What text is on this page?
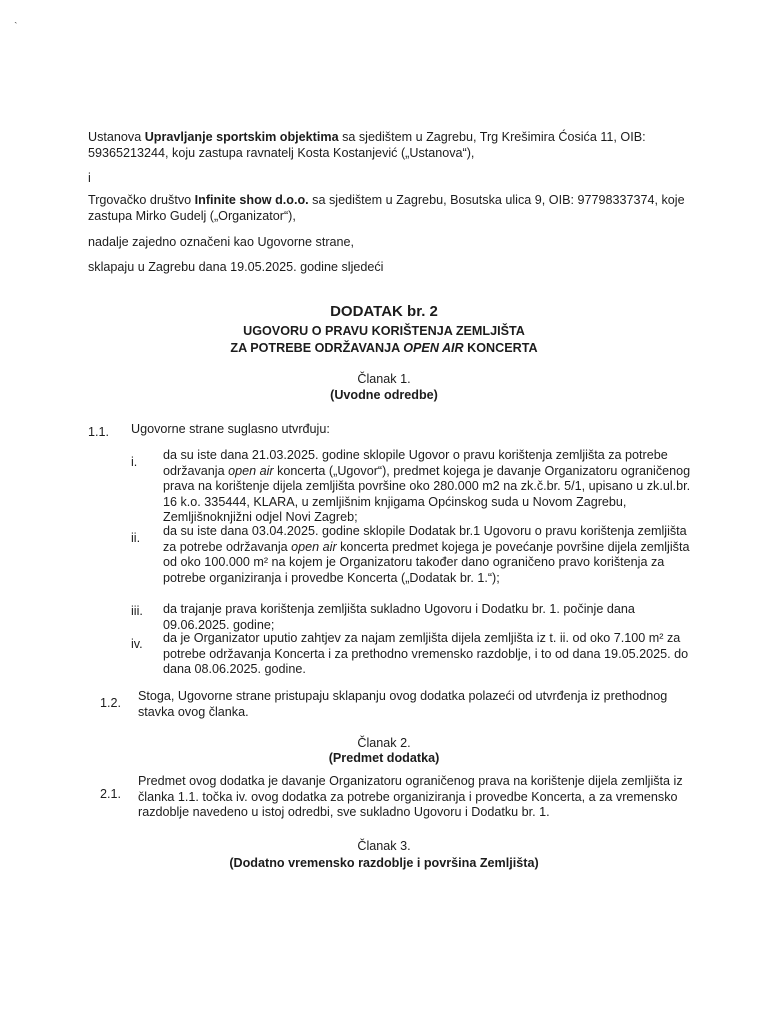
ˋ

Ustanova Upravljanje sportskim objektima sa sjedištem u Zagrebu, Trg Krešimira Ćosića 11, OIB: 59365213244, koju zastupa ravnatelj Kosta Kostanjević („Ustanova“),

i

Trgovačko društvo Infinite show d.o.o. sa sjedištem u Zagrebu, Bosutska ulica 9, OIB: 97798337374, koje zastupa Mirko Gudelj („Organizator“),

nadalje zajedno označeni kao Ugovorne strane,

sklapaju u Zagrebu dana 19.05.2025. godine sljedeći

DODATAK br. 2

UGOVORU O PRAVU KORIŠTENJA ZEMLJIŠTA

ZA POTREBE ODRŽAVANJA OPEN AIR KONCERTA

Članak 1.

(Uvodne odredbe)

1.1.	Ugovorne strane suglasno utvrđuju:

i.	da su iste dana 21.03.2025. godine sklopile Ugovor o pravu korištenja zemljišta za potrebe održavanja open air koncerta („Ugovor“), predmet kojega je davanje Organizatoru ograničenog prava na korištenje dijela zemljišta površine oko 280.000 m2 na zk.č.br. 5/1, upisano u zk.ul.br. 16 k.o. 335444, KLARA, u zemljišnim knjigama Općinskog suda u Novom Zagrebu, Zemljišnoknjižni odjel Novi Zagreb;

ii.	da su iste dana 03.04.2025. godine sklopile Dodatak br.1 Ugovoru o pravu korištenja zemljišta za potrebe održavanja open air koncerta predmet kojega je povećanje površine dijela zemljišta od oko 100.000 m² na kojem je Organizatoru također dano ograničeno pravo korištenja za potrebe organiziranja i provedbe Koncerta („Dodatak br. 1.“);

iii.	da trajanje prava korištenja zemljišta sukladno Ugovoru i Dodatku br. 1. počinje dana 09.06.2025. godine;

iv.	da je Organizator uputio zahtjev za najam zemljišta dijela zemljišta iz t. ii. od oko 7.100 m² za potrebe održavanja Koncerta i za prethodno vremensko razdoblje, i to od dana 19.05.2025. do dana 08.06.2025. godine.

1.2.	Stoga, Ugovorne strane pristupaju sklapanju ovog dodatka polazeći od utvrđenja iz prethodnog stavka ovog članka.

Članak 2.

(Predmet dodatka)

2.1.

Predmet ovog dodatka je davanje Organizatoru ograničenog prava na korištenje dijela zemljišta iz članka 1.1. točka iv. ovog dodatka za potrebe organiziranja i provedbe Koncerta, a za vremensko razdoblje navedeno u istoj odredbi, sve sukladno Ugovoru i Dodatku br. 1.

Članak 3.

(Dodatno vremensko razdoblje i površina Zemljišta)
